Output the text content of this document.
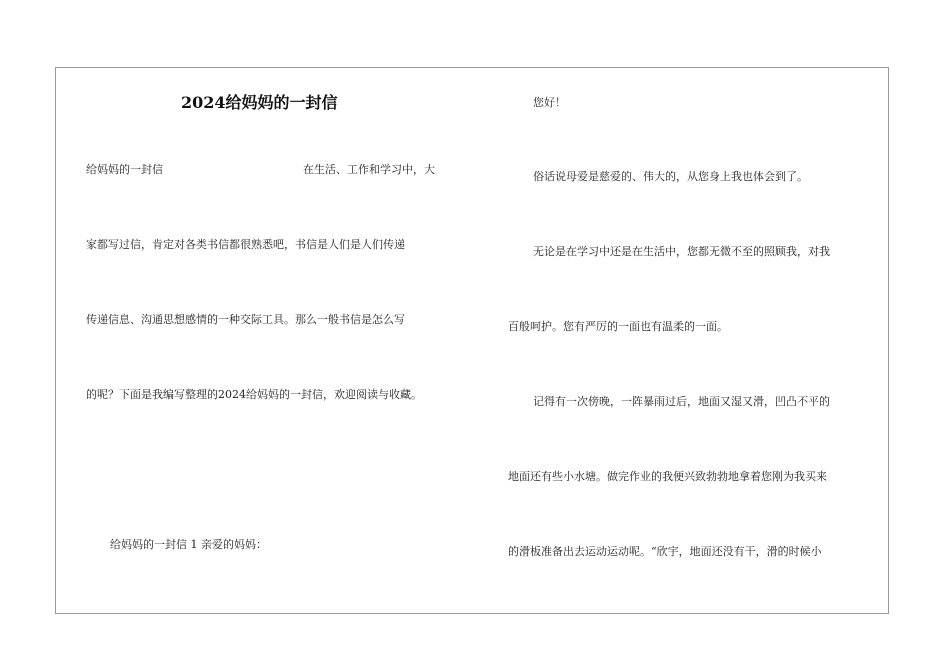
2024给妈妈的一封信
给妈妈的一封信	在生活、工作和学习中，大
家都写过信，肯定对各类书信都很熟悉吧，书信是人们是人们传递
传递信息、沟通思想感情的一种交际工具。那么一般书信是怎么写
的呢？下面是我编写整理的2024给妈妈的一封信，欢迎阅读与收藏。
给妈妈的一封信 1 亲爱的妈妈：
您好！
俗话说母爱是慈爱的、伟大的，从您身上我也体会到了。
无论是在学习中还是在生活中，您都无微不至的照顾我，对我
百般呵护。您有严厉的一面也有温柔的一面。
记得有一次傍晚，一阵暴雨过后，地面又湿又滑，凹凸不平的
地面还有些小水塘。做完作业的我便兴致勃勃地拿着您刚为我买来
的滑板准备出去运动运动呢。“欣宇，地面还没有干，滑的时候小
